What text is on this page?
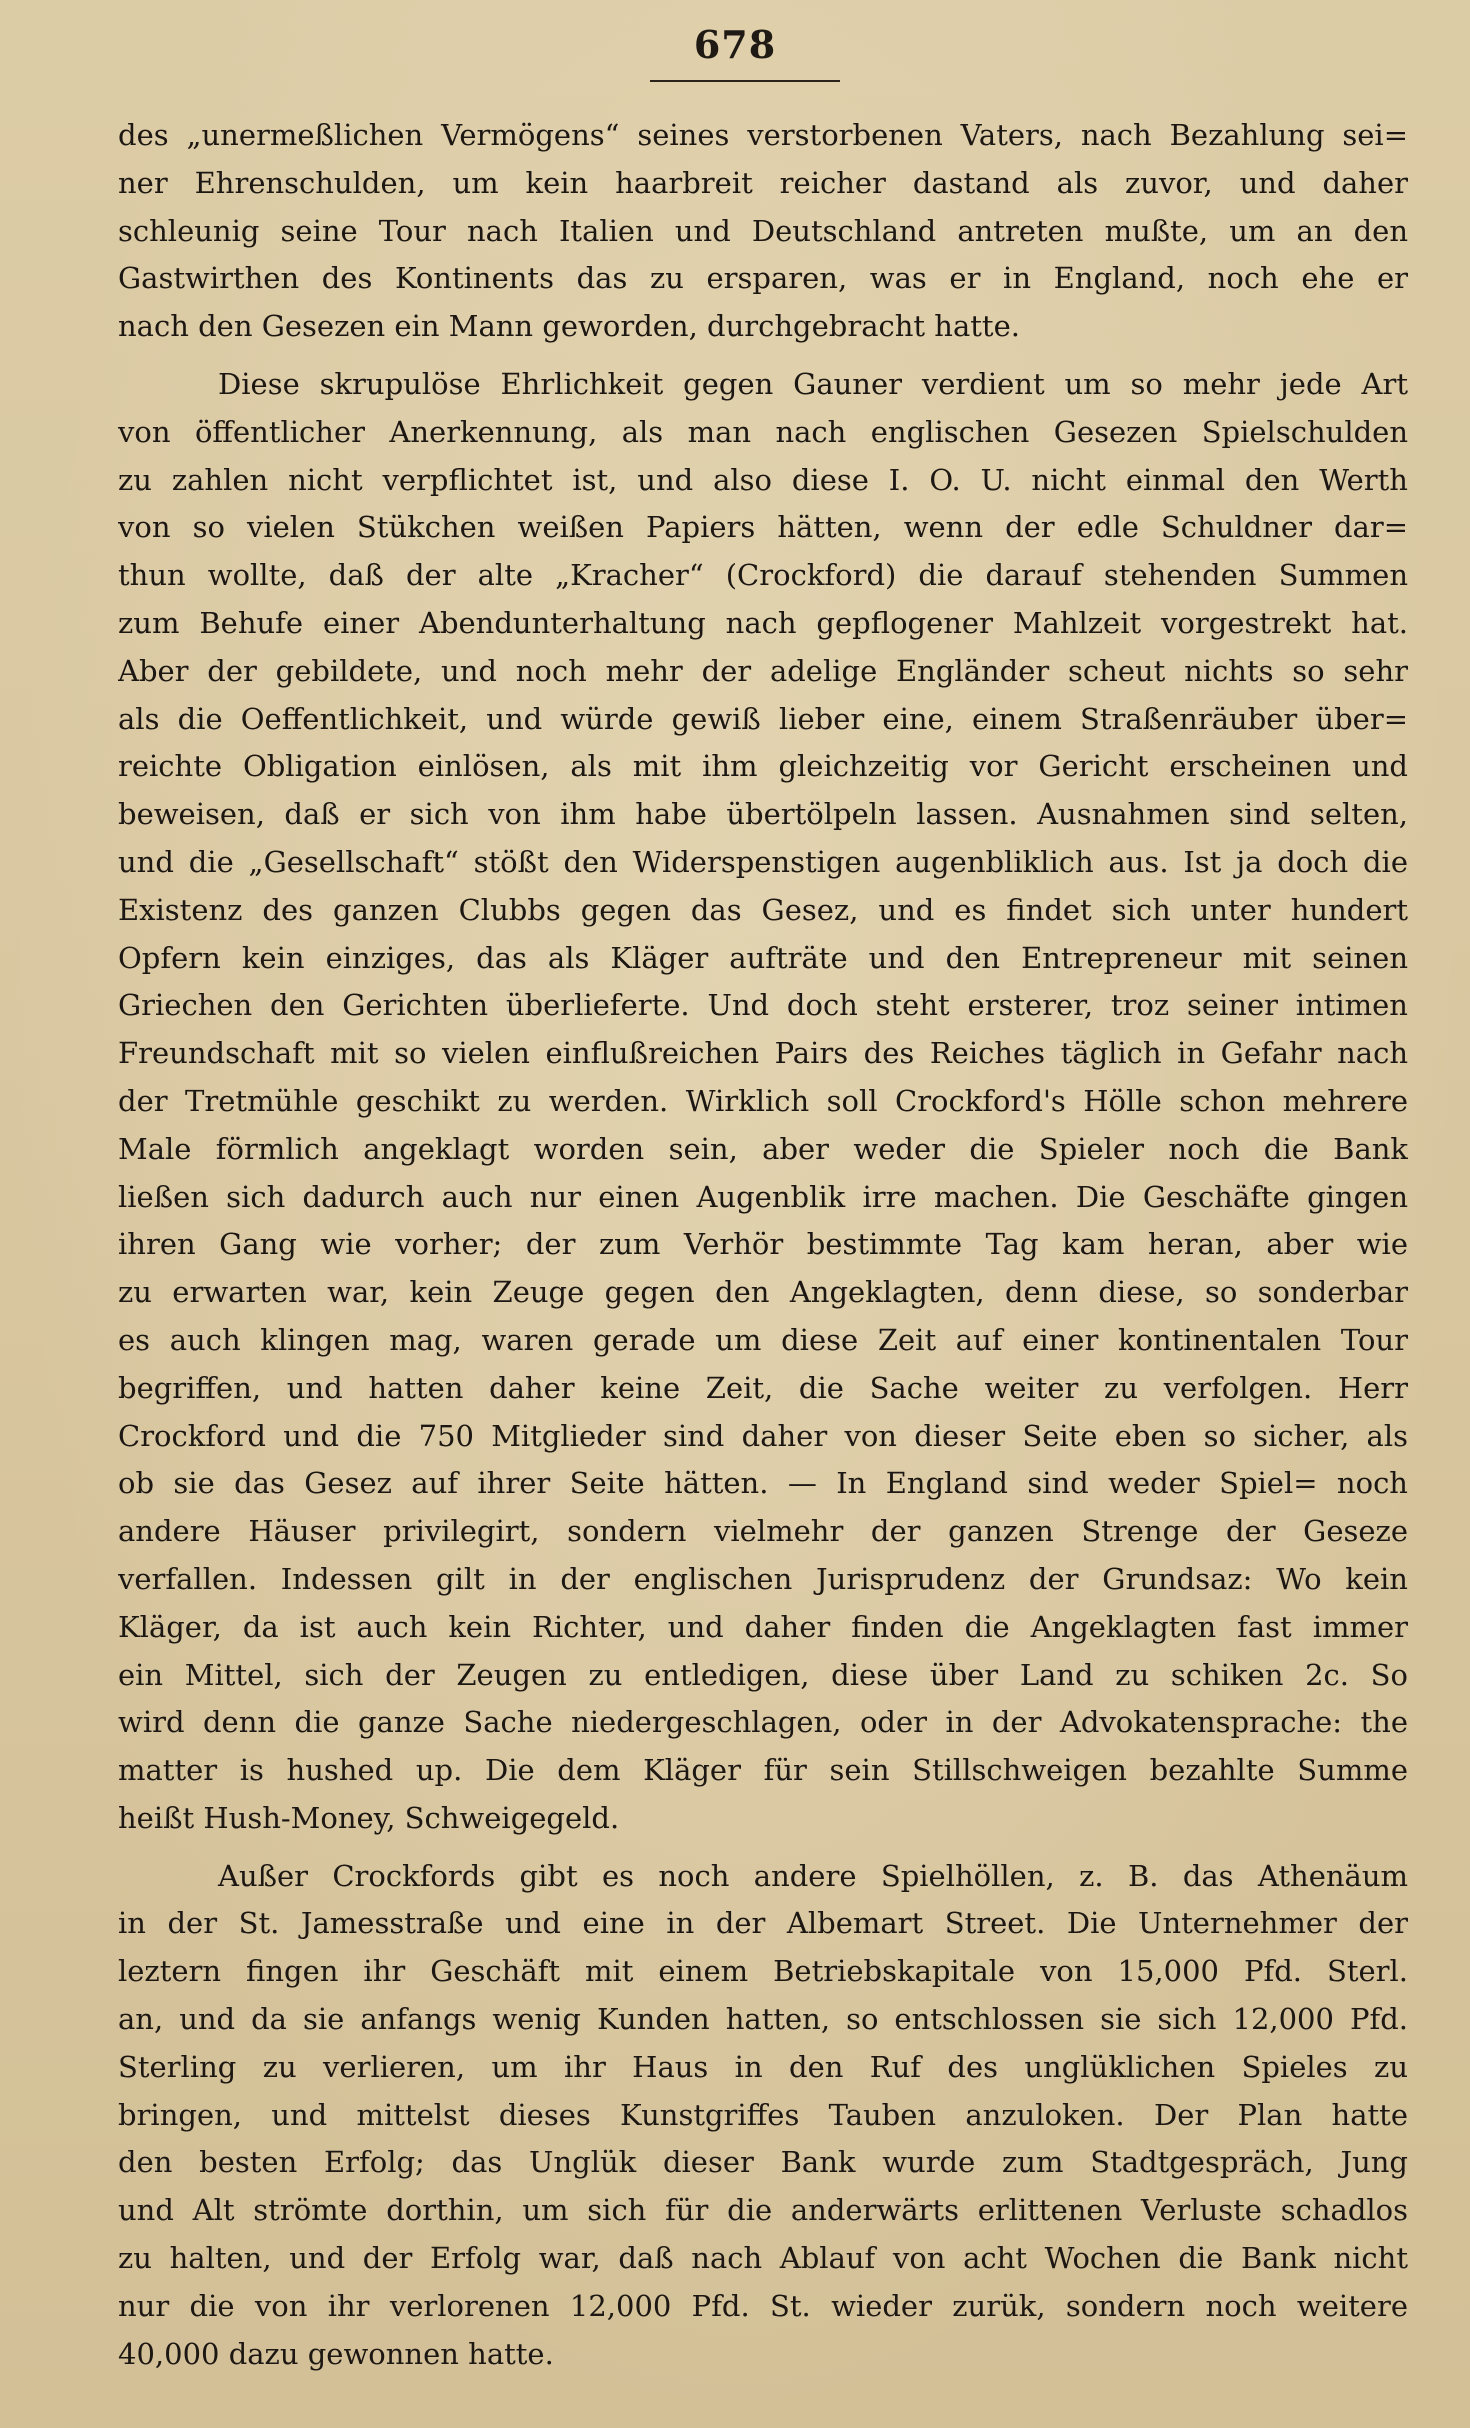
678
des „unermeßlichen Vermögens“ seines verstorbenen Vaters, nach Bezahlung sei=
ner Ehrenschulden, um kein haarbreit reicher dastand als zuvor, und daher
schleunig seine Tour nach Italien und Deutschland antreten mußte, um an den
Gastwirthen des Kontinents das zu ersparen, was er in England, noch ehe er
nach den Gesezen ein Mann geworden, durchgebracht hatte.
Diese skrupulöse Ehrlichkeit gegen Gauner verdient um so mehr jede Art
von öffentlicher Anerkennung, als man nach englischen Gesezen Spielschulden
zu zahlen nicht verpflichtet ist, und also diese I. O. U. nicht einmal den Werth
von so vielen Stükchen weißen Papiers hätten, wenn der edle Schuldner dar=
thun wollte, daß der alte „Kracher“ (Crockford) die darauf stehenden Summen
zum Behufe einer Abendunterhaltung nach gepflogener Mahlzeit vorgestrekt hat.
Aber der gebildete, und noch mehr der adelige Engländer scheut nichts so sehr
als die Oeffentlichkeit, und würde gewiß lieber eine, einem Straßenräuber über=
reichte Obligation einlösen, als mit ihm gleichzeitig vor Gericht erscheinen und
beweisen, daß er sich von ihm habe übertölpeln lassen. Ausnahmen sind selten,
und die „Gesellschaft“ stößt den Widerspenstigen augenbliklich aus. Ist ja doch die
Existenz des ganzen Clubbs gegen das Gesez, und es findet sich unter hundert
Opfern kein einziges, das als Kläger aufträte und den Entrepreneur mit seinen
Griechen den Gerichten überlieferte. Und doch steht ersterer, troz seiner intimen
Freundschaft mit so vielen einflußreichen Pairs des Reiches täglich in Gefahr nach
der Tretmühle geschikt zu werden. Wirklich soll Crockford's Hölle schon mehrere
Male förmlich angeklagt worden sein, aber weder die Spieler noch die Bank
ließen sich dadurch auch nur einen Augenblik irre machen. Die Geschäfte gingen
ihren Gang wie vorher; der zum Verhör bestimmte Tag kam heran, aber wie
zu erwarten war, kein Zeuge gegen den Angeklagten, denn diese, so sonderbar
es auch klingen mag, waren gerade um diese Zeit auf einer kontinentalen Tour
begriffen, und hatten daher keine Zeit, die Sache weiter zu verfolgen. Herr
Crockford und die 750 Mitglieder sind daher von dieser Seite eben so sicher, als
ob sie das Gesez auf ihrer Seite hätten. — In England sind weder Spiel= noch
andere Häuser privilegirt, sondern vielmehr der ganzen Strenge der Geseze
verfallen. Indessen gilt in der englischen Jurisprudenz der Grundsaz: Wo kein
Kläger, da ist auch kein Richter, und daher finden die Angeklagten fast immer
ein Mittel, sich der Zeugen zu entledigen, diese über Land zu schiken 2c. So
wird denn die ganze Sache niedergeschlagen, oder in der Advokatensprache: the
matter is hushed up. Die dem Kläger für sein Stillschweigen bezahlte Summe
heißt Hush-Money, Schweigegeld.
Außer Crockfords gibt es noch andere Spielhöllen, z. B. das Athenäum
in der St. Jamesstraße und eine in der Albemart Street. Die Unternehmer der
leztern fingen ihr Geschäft mit einem Betriebskapitale von 15,000 Pfd. Sterl.
an, und da sie anfangs wenig Kunden hatten, so entschlossen sie sich 12,000 Pfd.
Sterling zu verlieren, um ihr Haus in den Ruf des unglüklichen Spieles zu
bringen, und mittelst dieses Kunstgriffes Tauben anzuloken. Der Plan hatte
den besten Erfolg; das Unglük dieser Bank wurde zum Stadtgespräch, Jung
und Alt strömte dorthin, um sich für die anderwärts erlittenen Verluste schadlos
zu halten, und der Erfolg war, daß nach Ablauf von acht Wochen die Bank nicht
nur die von ihr verlorenen 12,000 Pfd. St. wieder zurük, sondern noch weitere
40,000 dazu gewonnen hatte.
